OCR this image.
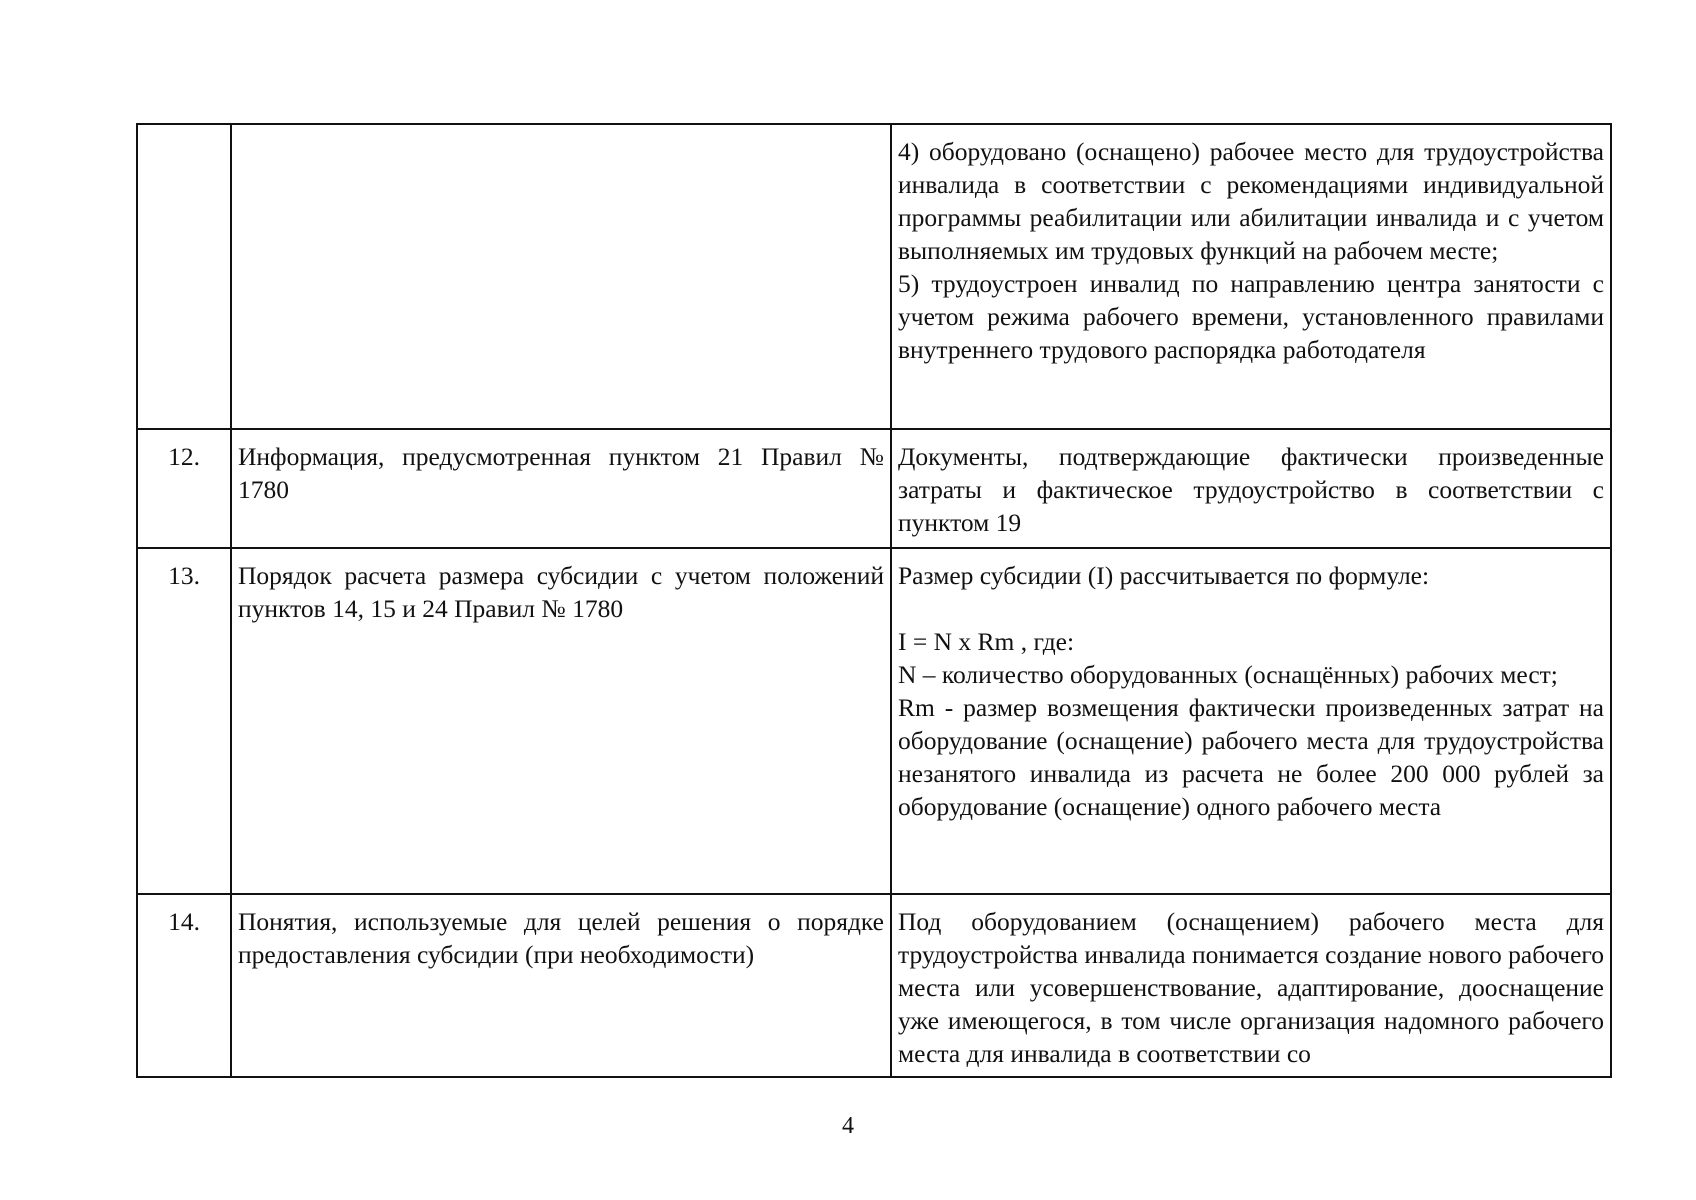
		4) оборудовано (оснащено) рабочее место для трудоустройства инвалида в соответствии с рекомендациями индивидуальной программы реабилитации или абилитации инвалида и с учетом выполняемых им трудовых функций на рабочем месте;

5) трудоустроен инвалид по направлению центра занятости с учетом режима рабочего времени, установленного правилами внутреннего трудового распорядка работодателя

12.	Информация, предусмотренная пунктом 21 Правил № 1780	Документы, подтверждающие фактически произведенные затраты и фактическое трудоустройство в соответствии с пунктом 19

13.	Порядок расчета размера субсидии с учетом положений пунктов 14, 15 и 24 Правил № 1780	Размер субсидии (I) рассчитывается по формуле:

I = N x Rm , где:

N – количество оборудованных (оснащённых) рабочих мест;

Rm - размер возмещения фактически произведенных затрат на оборудование (оснащение) рабочего места для трудоустройства незанятого инвалида из расчета не более 200 000 рублей за оборудование (оснащение) одного рабочего места

14.	Понятия, используемые для целей решения о порядке предоставления субсидии (при необходимости)	Под оборудованием (оснащением) рабочего места для трудоустройства инвалида понимается создание нового рабочего места или усовершенствование, адаптирование, дооснащение уже имеющегося, в том числе организация надомного рабочего места для инвалида в соответствии со

4
